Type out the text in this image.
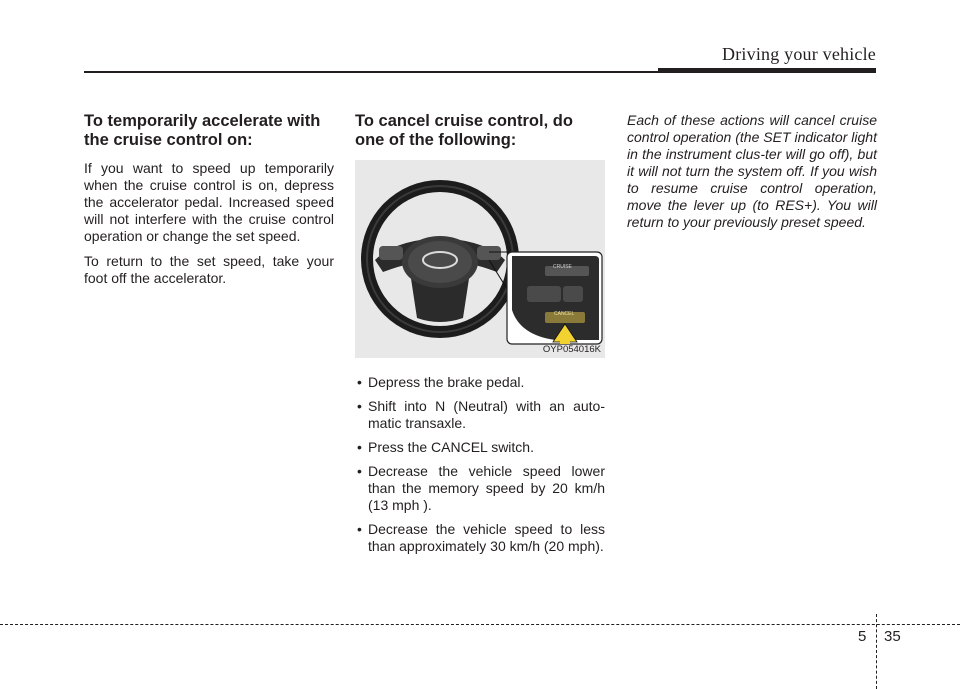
Driving your vehicle
To temporarily accelerate with the cruise control on:

If you want to speed up temporarily when the cruise control is on, depress the accelerator pedal. Increased speed will not interfere with the cruise control operation or change the set speed.

To return to the set speed, take your foot off the accelerator.

To cancel cruise control, do one of the following:
CRUISE
CANCEL
OYP054016K
• Depress the brake pedal.
• Shift into N (Neutral) with an auto-matic transaxle.
• Press the CANCEL switch.
• Decrease the vehicle speed lower than the memory speed by 20 km/h (13 mph ).
• Decrease the vehicle speed to less than approximately 30 km/h (20 mph).

Each of these actions will cancel cruise control operation (the SET indicator light in the instrument clus-ter will go off), but it will not turn the system off. If you wish to resume cruise control operation, move the lever up (to RES+). You will return to your previously preset speed.

5 35
